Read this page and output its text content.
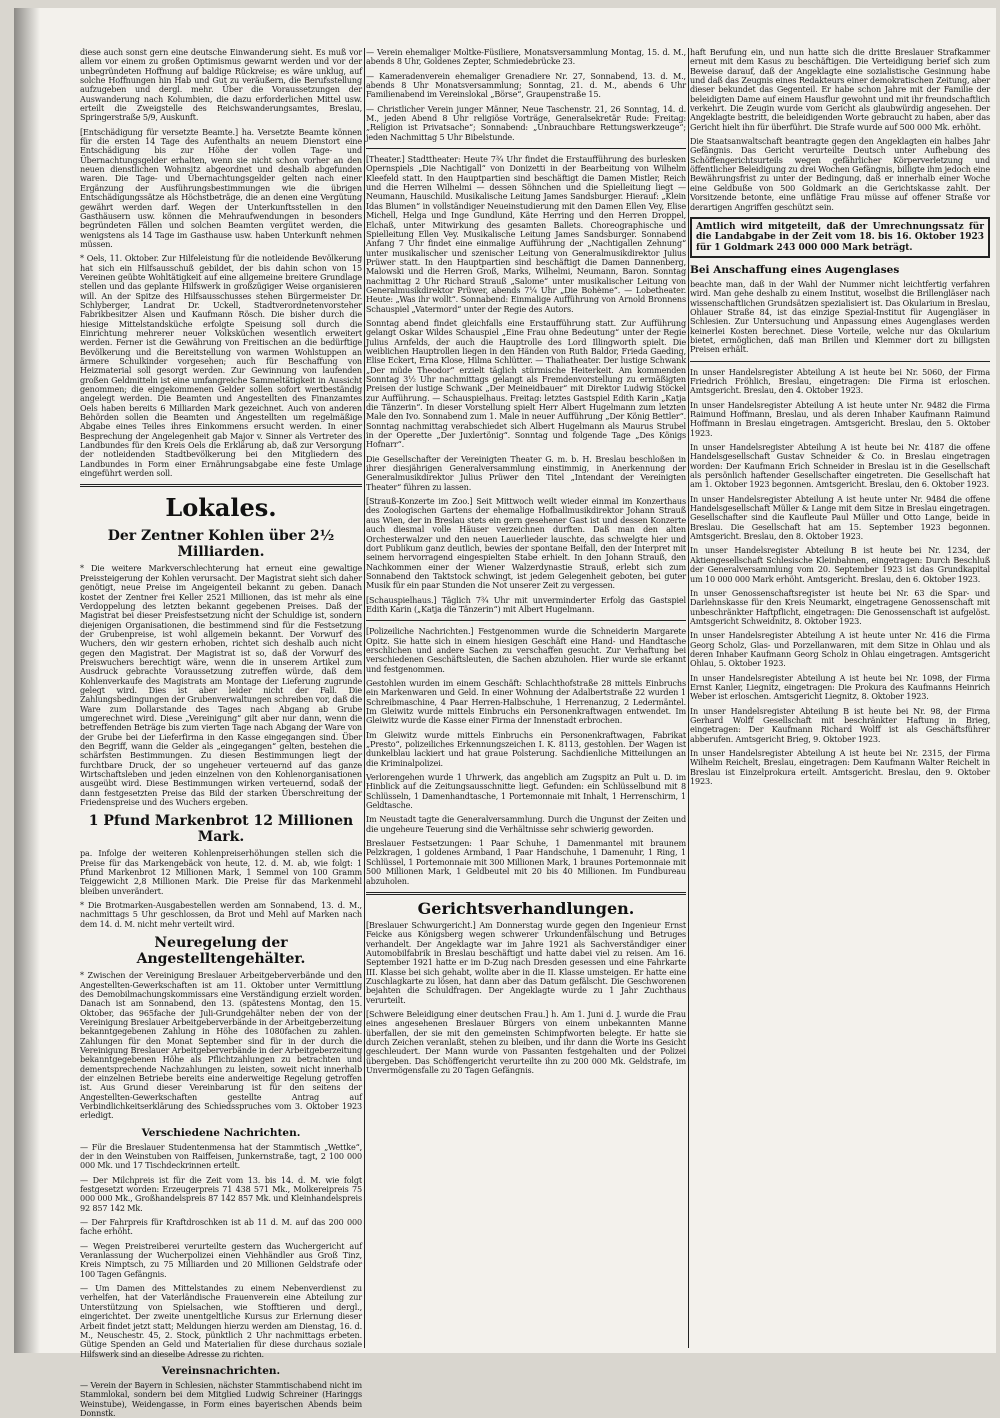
diese auch sonst gern eine deutsche Einwanderung sieht. Es muß vor allem vor einem zu großen Optimismus gewarnt werden und vor der unbegründeten Hoffnung auf baldige Rückreise; es wäre unklug, auf solche Hoffnungen hin Hab und Gut zu veräußern, die Berufsstellung aufzugeben und dergl. mehr. Über die Voraussetzungen der Auswanderung nach Kolumbien, die dazu erforderlichen Mittel usw. erteilt die Zweigstelle des Reichswanderungsamtes, Breslau, Springerstraße 5/9, Auskunft.

[Entschädigung für versetzte Beamte.] ha. Versetzte Beamte können für die ersten 14 Tage des Aufenthalts an neuem Dienstort eine Entschädigung bis zur Höhe der vollen Tage- und Übernachtungsgelder erhalten, wenn sie nicht schon vorher an den neuen dienstlichen Wohnsitz abgeordnet und deshalb abgefunden waren. Die Tage- und Übernachtungsgelder gelten nach einer Ergänzung der Ausführungsbestimmungen wie die übrigen Entschädigungssätze als Höchstbeträge, die an denen eine Vergütung gewährt werden darf. Wegen der Unterkunftsstellen in den Gasthäusern usw. können die Mehraufwendungen in besonders begründeten Fällen und solchen Beamten vergütet werden, die wenigstens als 14 Tage im Gasthause usw. haben Unterkunft nehmen müssen.

* Oels, 11. Oktober. Zur Hilfeleistung für die notleidende Bevölkerung hat sich ein Hilfsausschuß gebildet, der bis dahin schon von 15 Vereinen geübte Wohltätigkeit auf eine allgemeine breitere Grundlage stellen und das geplante Hilfswerk in großzügiger Weise organisieren will. An der Spitze des Hilfsausschusses stehen Bürgermeister Dr. Schlyberger, Landrat Dr. Uckell, Stadtverordnetenvorsteher Fabrikbesitzer Alsen und Kaufmann Rösch. Die bisher durch die hiesige Mittelstandsküche erfolgte Speisung soll durch die Einrichtung mehrerer neuer Volksküchen wesentlich erweitert werden. Ferner ist die Gewährung von Freitischen an die bedürftige Bevölkerung und die Bereitstellung von warmen Wohlstuppen an ärmere Schulkinder vorgesehen; auch für Beschaffung von Heizmaterial soll gesorgt werden. Zur Gewinnung von laufenden großen Geldmitteln ist eine umfangreiche Sammeltätigkeit in Aussicht genommen; die eingekommenen Gelder sollen sofort wertbeständig angelegt werden. Die Beamten und Angestellten des Finanzamtes Oels haben bereits 6 Milliarden Mark gezeichnet. Auch von anderen Behörden sollen die Beamten und Angestellten um regelmäßige Abgabe eines Teiles ihres Einkommens ersucht werden. In einer Besprechung der Angelegenheit gab Major v. Sinner als Vertreter des Landbundes für den Kreis Oels die Erklärung ab, daß zur Versorgung der notleidenden Stadtbevölkerung bei den Mitgliedern des Landbundes in Form einer Ernährungsabgabe eine feste Umlage eingeführt werden soll.

Lokales.
Der Zentner Kohlen über 2½ Milliarden.

* Die weitere Markverschlechterung hat erneut eine gewaltige Preissteigerung der Kohlen verursacht. Der Magistrat sieht sich daher genötigt, neue Preise im Angeigenteil bekannt zu geben. Danach kostet der Zentner frei Keller 2521 Millionen, das ist mehr als eine Verdoppelung des letzten bekannt gegebenen Preises. Daß der Magistrat bei dieser Preisfestsetzung nicht der Schuldige ist, sondern diejenigen Organisationen, die bestimmend sind für die Festsetzung der Grubenpreise, ist wohl allgemein bekannt. Der Vorwurf des Wuchers, den wir gestern erhoben, richtet sich deshalb auch nicht gegen den Magistrat. Der Magistrat ist so, daß der Vorwurf des Preiswuchers berechtigt wäre, wenn die in unserem Artikel zum Ausdruck gebrachte Voraussetzung zutreffen würde, daß dem Kohlenverkaufe des Magistrats am Montage der Lieferung zugrunde gelegt wird. Dies ist aber leider nicht der Fall. Die Zahlungsbedingungen der Grubenverwaltungen schreiben vor, daß die Ware zum Dollarstande des Tages nach Abgang ab Grube umgerechnet wird. Diese „Vereinigung“ gilt aber nur dann, wenn die betreffenden Beträge bis zum vierten Tage nach Abgang der Ware von der Grube bei der Lieferfirma in den Kasse eingegangen sind. Über den Begriff, wann die Gelder als „eingegangen“ gelten, bestehen die schärfsten Bestimmungen. Zu diesen Bestimmungen liegt der furchtbare Druck, der so ungeheuer verteuernd auf das ganze Wirtschaftsleben und jeden einzelnen von den Kohlenorganisationen ausgeübt wird. Diese Bestimmungen wirken verteuernd, sodaß der dann festgesetzten Preise das Bild der starken Überschreitung der Friedenspreise und des Wuchers ergeben.

1 Pfund Markenbrot 12 Millionen Mark.

pa. Infolge der weiteren Kohlenpreiserhöhungen stellen sich die Preise für das Markengebäck von heute, 12. d. M. ab, wie folgt: 1 Pfund Markenbrot 12 Millionen Mark, 1 Semmel von 100 Gramm Teiggewicht 2,8 Millionen Mark. Die Preise für das Markenmehl bleiben unverändert.

* Die Brotmarken-Ausgabestellen werden am Sonnabend, 13. d. M., nachmittags 5 Uhr geschlossen, da Brot und Mehl auf Marken nach dem 14. d. M. nicht mehr verteilt wird.

Neuregelung der Angestelltengehälter.

* Zwischen der Vereinigung Breslauer Arbeitgeberverbände und den Angestellten-Gewerkschaften ist am 11. Oktober unter Vermittlung des Demobilmachungskommissars eine Verständigung erzielt worden. Danach ist am Sonnabend, den 13. (spätestens Montag, den 15. Oktober, das 965fache der Juli-Grundgehälter neben der von der Vereinigung Breslauer Arbeitgeberverbände in der Arbeitgeberzeitung bekanntgegebenen Zahlung in Höhe des 1080fachen zu zahlen. Zahlungen für den Monat September sind für in der durch die Vereinigung Breslauer Arbeitgeberverbände in der Arbeitgeberzeitung bekanntgegebenen Höhe als Pflichtzahlungen zu betrachten und dementsprechende Nachzahlungen zu leisten, soweit nicht innerhalb der einzelnen Betriebe bereits eine anderweitige Regelung getroffen ist. Aus Grund dieser Vereinbarung ist für den seitens der Angestellten-Gewerkschaften gestellte Antrag auf Verbindlichkeitserklärung des Schiedsspruches vom 3. Oktober 1923 erledigt.

Verschiedene Nachrichten.

— Für die Breslauer Studentenmensa hat der Stammtisch „Wettke“, der in den Weinstuben von Raiffeisen, Junkernstraße, tagt, 2 100 000 000 Mk. und 17 Tischdeckrinnen erteilt.

— Der Milchpreis ist für die Zeit vom 13. bis 14. d. M. wie folgt festgesetzt worden: Erzeugerpreis 71 438 571 Mk., Molkereipreis 75 000 000 Mk., Großhandelspreis 87 142 857 Mk. und Kleinhandelspreis 92 857 142 Mk.

— Der Fahrpreis für Kraftdroschken ist ab 11 d. M. auf das 200 000 fache erhöht.

— Wegen Preistreiberei verurteilte gestern das Wuchergericht auf Veranlassung der Wucherpolizei einen Viehhändler aus Groß Tinz, Kreis Nimptsch, zu 75 Milliarden und 20 Millionen Geldstrafe oder 100 Tagen Gefängnis.

— Um Damen des Mittelstandes zu einem Nebenverdienst zu verhelfen, hat der Vaterländische Frauenverein eine Abteilung zur Unterstützung von Spielsachen, wie Stofftieren und dergl., eingerichtet. Der zweite unentgeltliche Kursus zur Erlernung dieser Arbeit findet jetzt statt; Meldungen hierzu werden am Dienstag, 16. d. M., Neuschestr. 45, 2. Stock, pünktlich 2 Uhr nachmittags erbeten. Gütige Spenden an Geld und Materialien für diese durchaus soziale Hilfswerk sind an dieselbe Adresse zu richten.

Vereinsnachrichten.

— Verein der Bayern in Schlesien, nächster Stammtischabend nicht im Stammlokal, sondern bei dem Mitglied Ludwig Schreiner (Haringgs Weinstube), Weidengasse, in Form eines bayerischen Abends beim Donnstk.

— Verein ehemaliger Moltke-Füsiliere, Monatsversammlung Montag, 15. d. M., abends 8 Uhr, Goldenes Zepter, Schmiedebrücke 23.

— Kameradenverein ehemaliger Grenadiere Nr. 27, Sonnabend, 13. d. M., abends 8 Uhr Monatsversammlung; Sonntag, 21. d. M., abends 6 Uhr Familienabend im Vereinslokal „Börse“, Graupenstraße 15.

— Christlicher Verein junger Männer, Neue Taschenstr. 21, 26 Sonntag, 14. d. M., jeden Abend 8 Uhr religiöse Vorträge, Generalsekretär Rude: Freitag: „Religion ist Privatsache“; Sonnabend: „Unbrauchbare Rettungswerkzeuge“; jeden Nachmittag 5 Uhr Bibelstunde.

[Theater.] Stadttheater: Heute 7¾ Uhr findet die Erstaufführung des burlesken Opernspiels „Die Nachtigall“ von Donizetti in der Bearbeitung von Wilhelm Kleefeld statt. In den Hauptpartien sind beschäftigt die Damen Mistler, Reich und die Herren Wilhelmi — dessen Söhnchen und die Spielleitung liegt — Neumann, Hauschild. Musikalische Leitung James Sandsburger. Hierauf: „Klein Idas Blumen“ in vollständiger Neueinstudierung mit den Damen Ellen Vey, Elise Michell, Helga und Inge Gundlund, Käte Herring und den Herren Droppel, Elchaß, unter Mitwirkung des gesamten Ballets. Choreographische und Spielleitung Ellen Vey. Musikalische Leitung James Sandsburger. Sonnabend Anfang 7 Uhr findet eine einmalige Aufführung der „Nachtigallen Zehnung“ unter musikalischer und szenischer Leitung von Generalmusikdirektor Julius Prüwer statt. In den Hauptpartien sind beschäftigt die Damen Dannenberg, Malowski und die Herren Groß, Marks, Wilhelmi, Neumann, Baron. Sonntag nachmittag 2 Uhr Richard Strauß „Salome“ unter musikalischer Leitung von Generalmusikdirektor Prüwer, abends 7¼ Uhr „Die Bohème“. — Lobetheater. Heute: „Was ihr wollt“. Sonnabend: Einmalige Aufführung von Arnold Bronnens Schauspiel „Vatermord“ unter der Regie des Autors.

Sonntag abend findet gleichfalls eine Erstaufführung statt. Zur Aufführung gelangt Oskar Wildes Schauspiel „Eine Frau ohne Bedeutung“ unter der Regie Julius Arnfelds, der auch die Hauptrolle des Lord Illingworth spielt. Die weiblichen Hauptrollen liegen in den Händen von Ruth Baldor, Frieda Gaeding, Elise Eckert, Erna Klose, Hilma Schlütter. — Thaliatheater. Der lustige Schwank „Der müde Theodor“ erzielt täglich stürmische Heiterkeit. Am kommenden Sonntag 3½ Uhr nachmittags gelangt als Fremdenvorstellung zu ermäßigten Preisen der lustige Schwank „Der Meineidbauer“ mit Direktor Ludwig Stöckel zur Aufführung. — Schauspielhaus. Freitag: letztes Gastspiel Edith Karin „Katja die Tänzerin“. In dieser Vorstellung spielt Herr Albert Hugelmann zum letzten Male den Ivo. Sonnabend zum 1. Male in neuer Aufführung „Der König Bettler“. Sonntag nachmittag verabschiedet sich Albert Hugelmann als Maurus Strubel in der Operette „Der Juxlertönig“. Sonntag und folgende Tage „Des Königs Hofnarr“.

Die Gesellschafter der Vereinigten Theater G. m. b. H. Breslau beschloßen in ihrer diesjährigen Generalversammlung einstimmig, in Anerkennung der Generalmusikdirektor Julius Prüwer den Titel „Intendant der Vereinigten Theater“ führen zu lassen.

[Strauß-Konzerte im Zoo.] Seit Mittwoch weilt wieder einmal im Konzerthaus des Zoologischen Gartens der ehemalige Hofballmusikdirektor Johann Strauß aus Wien, der in Breslau stets ein gern gesehener Gast ist und dessen Konzerte auch diesmal volle Häuser verzeichnen durften. Daß man den alten Orchesterwalzer und den neuen Lauerlieder lauschte, das schwelgte hier und dort Publikum ganz deutlich, bewies der spontane Beifall, den der Interpret mit seinem hervorragend eingespielten Stabe erhielt. In den Johann Strauß, den Nachkommen einer der Wiener Walzerdynastie Strauß, erlebt sich zum Sonnabend den Taktstock schwingt, ist jedem Gelegenheit geboten, bei guter Musik für ein paar Stunden die Not unserer Zeit zu vergessen.

[Schauspielhaus.] Täglich 7¾ Uhr mit unverminderter Erfolg das Gastspiel Edith Karin („Katja die Tänzerin“) mit Albert Hugelmann.

[Polizeiliche Nachrichten.] Festgenommen wurde die Schneiderin Margarete Opitz. Sie hatte sich in einem hiesigen Geschäft eine Hand- und Handtasche erschlichen und andere Sachen zu verschaffen gesucht. Zur Verhaftung bei verschiedenen Geschäftsleuten, die Sachen abzuholen. Hier wurde sie erkannt und festgenommen.

Gestohlen wurden im einem Geschäft: Schlachthofstraße 28 mittels Einbruchs ein Markenwaren und Geld. In einer Wohnung der Adalbertstraße 22 wurden 1 Schreibmaschine, 4 Paar Herren-Halbschuhe, 1 Herrenanzug, 2 Ledermäntel. Im Gleiwitz wurde mittels Einbruchs ein Personenkraftwagen entwendet. Im Gleiwitz wurde die Kasse einer Firma der Innenstadt erbrochen.

Im Gleiwitz wurde mittels Einbruchs ein Personenkraftwagen, Fabrikat „Presto“, polizeiliches Erkennungszeichen I. K. 8113, gestohlen. Der Wagen ist dunkelblau lackiert und hat graue Polsterung. Sachdienliche Mitteilungen an die Kriminalpolizei.

Verlorengehen wurde 1 Uhrwerk, das angeblich am Zugspitz an Pult u. D. im Hinblick auf die Zeitungsausschnitte liegt. Gefunden: ein Schlüsselbund mit 8 Schlüsseln, 1 Damenhandtasche, 1 Portemonnaie mit Inhalt, 1 Herrenschirm, 1 Geldtasche.

Im Neustadt tagte die Generalversammlung. Durch die Ungunst der Zeiten und die ungeheure Teuerung sind die Verhältnisse sehr schwierig geworden.

Breslauer Festsetzungen: 1 Paar Schuhe, 1 Damenmantel mit braunem Pelzkragen, 1 goldenes Armband, 1 Paar Handschuhe, 1 Damenuhr, 1 Ring, 1 Schlüssel, 1 Portemonnaie mit 300 Millionen Mark, 1 braunes Portemonnaie mit 500 Millionen Mark, 1 Geldbeutel mit 20 bis 40 Millionen. Im Fundbureau abzuholen.

Gerichtsverhandlungen.

[Breslauer Schwurgericht.] Am Donnerstag wurde gegen den Ingenieur Ernst Feicke aus Königsberg wegen schwerer Urkundenfälschung und Betruges verhandelt. Der Angeklagte war im Jahre 1921 als Sachverständiger einer Automobilfabrik in Breslau beschäftigt und hatte dabei viel zu reisen. Am 16. September 1921 hatte er im D-Zug nach Dresden gesessen und eine Fahrkarte III. Klasse bei sich gehabt, wollte aber in die II. Klasse umsteigen. Er hatte eine Zuschlagkarte zu lösen, hat dann aber das Datum gefälscht. Die Geschworenen bejahten die Schuldfragen. Der Angeklagte wurde zu 1 Jahr Zuchthaus verurteilt.

[Schwere Beleidigung einer deutschen Frau.] h. Am 1. Juni d. J. wurde die Frau eines angesehenen Breslauer Bürgers von einem unbekannten Manne überfallen, der sie mit den gemeinsten Schimpfworten belegte. Er hatte sie durch Zeichen veranlaßt, stehen zu bleiben, und ihr dann die Worte ins Gesicht geschleudert. Der Mann wurde von Passanten festgehalten und der Polizei übergeben. Das Schöffengericht verurteilte ihn zu 200 000 Mk. Geldstrafe, im Unvermögensfalle zu 20 Tagen Gefängnis.

haft Berufung ein, und nun hatte sich die dritte Breslauer Strafkammer erneut mit dem Kasus zu beschäftigen. Die Verteidigung berief sich zum Beweise darauf, daß der Angeklagte eine sozialistische Gesinnung habe und daß das Zeugnis eines Redakteurs einer demokratischen Zeitung, aber dieser bekundet das Gegenteil. Er habe schon Jahre mit der Familie der beleidigten Dame auf einem Hausflur gewohnt und mit ihr freundschaftlich verkehrt. Die Zeugin wurde vom Gericht als glaubwürdig angesehen. Der Angeklagte bestritt, die beleidigenden Worte gebraucht zu haben, aber das Gericht hielt ihn für überführt. Die Strafe wurde auf 500 000 Mk. erhöht.

Die Staatsanwaltschaft beantragte gegen den Angeklagten ein halbes Jahr Gefängnis. Das Gericht verurteilte Deutsch unter Aufhebung des Schöffengerichtsurteils wegen gefährlicher Körperverletzung und öffentlicher Beleidigung zu drei Wochen Gefängnis, billigte ihm jedoch eine Bewährungsfrist zu unter der Bedingung, daß er innerhalb einer Woche eine Geldbuße von 500 Goldmark an die Gerichtskasse zahlt. Der Vorsitzende betonte, eine unflätige Frau müsse auf offener Straße vor derartigen Angriffen geschützt sein.

Amtlich wird mitgeteilt, daß der Umrechnungssatz für die Landabgabe in der Zeit vom 18. bis 16. Oktober 1923 für 1 Goldmark 243 000 000 Mark beträgt.
Bei Anschaffung eines Augenglases

beachte man, daß in der Wahl der Nummer nicht leichtfertig verfahren wird. Man gehe deshalb zu einem Institut, woselbst die Brillengläser nach wissenschaftlichen Grundsätzen spezialisiert ist. Das Okularium in Breslau, Ohlauer Straße 84, ist das einzige Spezial-Institut für Augengläser in Schlesien. Zur Untersuchung und Anpassung eines Augenglases werden keinerlei Kosten berechnet. Diese Vorteile, welche nur das Okularium bietet, ermöglichen, daß man Brillen und Klemmer dort zu billigsten Preisen erhält.

In unser Handelsregister Abteilung A ist heute bei Nr. 5060, der Firma Friedrich Fröhlich, Breslau, eingetragen: Die Firma ist erloschen. Amtsgericht. Breslau, den 4. Oktober 1923.

In unser Handelsregister Abteilung A ist heute unter Nr. 9482 die Firma Raimund Hoffmann, Breslau, und als deren Inhaber Kaufmann Raimund Hoffmann in Breslau eingetragen. Amtsgericht. Breslau, den 5. Oktober 1923.

In unser Handelsregister Abteilung A ist heute bei Nr. 4187 die offene Handelsgesellschaft Gustav Schneider & Co. in Breslau eingetragen worden: Der Kaufmann Erich Schneider in Breslau ist in die Gesellschaft als persönlich haftender Gesellschafter eingetreten. Die Gesellschaft hat am 1. Oktober 1923 begonnen. Amtsgericht. Breslau, den 6. Oktober 1923.

In unser Handelsregister Abteilung A ist heute unter Nr. 9484 die offene Handelsgesellschaft Müller & Lange mit dem Sitze in Breslau eingetragen. Gesellschafter sind die Kaufleute Paul Müller und Otto Lange, beide in Breslau. Die Gesellschaft hat am 15. September 1923 begonnen. Amtsgericht. Breslau, den 8. Oktober 1923.

In unser Handelsregister Abteilung B ist heute bei Nr. 1234, der Aktiengesellschaft Schlesische Kleinbahnen, eingetragen: Durch Beschluß der Generalversammlung vom 20. September 1923 ist das Grundkapital um 10 000 000 Mark erhöht. Amtsgericht. Breslau, den 6. Oktober 1923.

In unser Genossenschaftsregister ist heute bei Nr. 63 die Spar- und Darlehnskasse für den Kreis Neumarkt, eingetragene Genossenschaft mit unbeschränkter Haftpflicht, eingetragen: Die Genossenschaft ist aufgelöst. Amtsgericht Schweidnitz, 8. Oktober 1923.

In unser Handelsregister Abteilung A ist heute unter Nr. 416 die Firma Georg Scholz, Glas- und Porzellanwaren, mit dem Sitze in Ohlau und als deren Inhaber Kaufmann Georg Scholz in Ohlau eingetragen. Amtsgericht Ohlau, 5. Oktober 1923.

In unser Handelsregister Abteilung A ist heute bei Nr. 1098, der Firma Ernst Kanler, Liegnitz, eingetragen: Die Prokura des Kaufmanns Heinrich Weber ist erloschen. Amtsgericht Liegnitz, 8. Oktober 1923.

In unser Handelsregister Abteilung B ist heute bei Nr. 98, der Firma Gerhard Wolff Gesellschaft mit beschränkter Haftung in Brieg, eingetragen: Der Kaufmann Richard Wolff ist als Geschäftsführer abberufen. Amtsgericht Brieg, 9. Oktober 1923.

In unser Handelsregister Abteilung A ist heute bei Nr. 2315, der Firma Wilhelm Reichelt, Breslau, eingetragen: Dem Kaufmann Walter Reichelt in Breslau ist Einzelprokura erteilt. Amtsgericht. Breslau, den 9. Oktober 1923.
